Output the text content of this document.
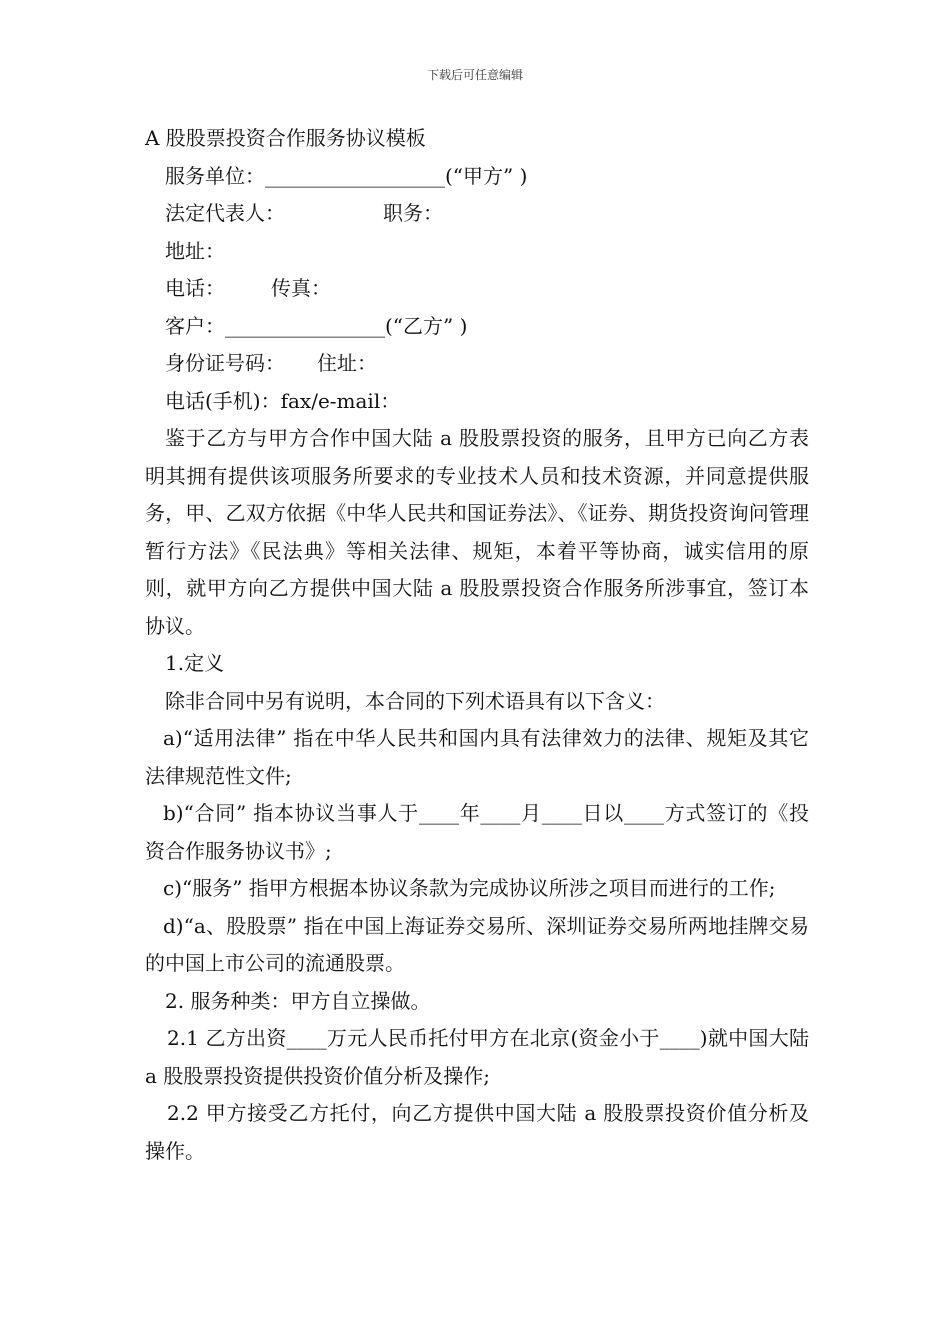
下载后可任意编辑

A 股股票投资合作服务协议模板

服务单位：__________________(“甲方” )

法定代表人：	职务：

地址：

电话： 传真：

客户：________________(“乙方” )

身份证号码： 住址：

电话(手机)：fax/e-mail：

鉴于乙方与甲方合作中国大陆 a 股股票投资的服务，且甲方已向乙方表明其拥有提供该项服务所要求的专业技术人员和技术资源，并同意提供服务，甲、乙双方依据《中华人民共和国证券法》、《证券、期货投资询问管理暂行方法》《民法典》等相关法律、规矩，本着平等协商，诚实信用的原则，就甲方向乙方提供中国大陆 a 股股票投资合作服务所涉事宜，签订本协议。

1.定义

除非合同中另有说明，本合同的下列术语具有以下含义：

a)“适用法律” 指在中华人民共和国内具有法律效力的法律、规矩及其它法律规范性文件;

b)“合同” 指本协议当事人于____年____月____日以____方式签订的《投资合作服务协议书》;

c)“服务” 指甲方根据本协议条款为完成协议所涉之项目而进行的工作;

d)“a、股股票” 指在中国上海证券交易所、深圳证券交易所两地挂牌交易的中国上市公司的流通股票。

2. 服务种类：甲方自立操做。

2.1 乙方出资____万元人民币托付甲方在北京(资金小于____)就中国大陆 a 股股票投资提供投资价值分析及操作;

2.2 甲方接受乙方托付，向乙方提供中国大陆 a 股股票投资价值分析及操作。
